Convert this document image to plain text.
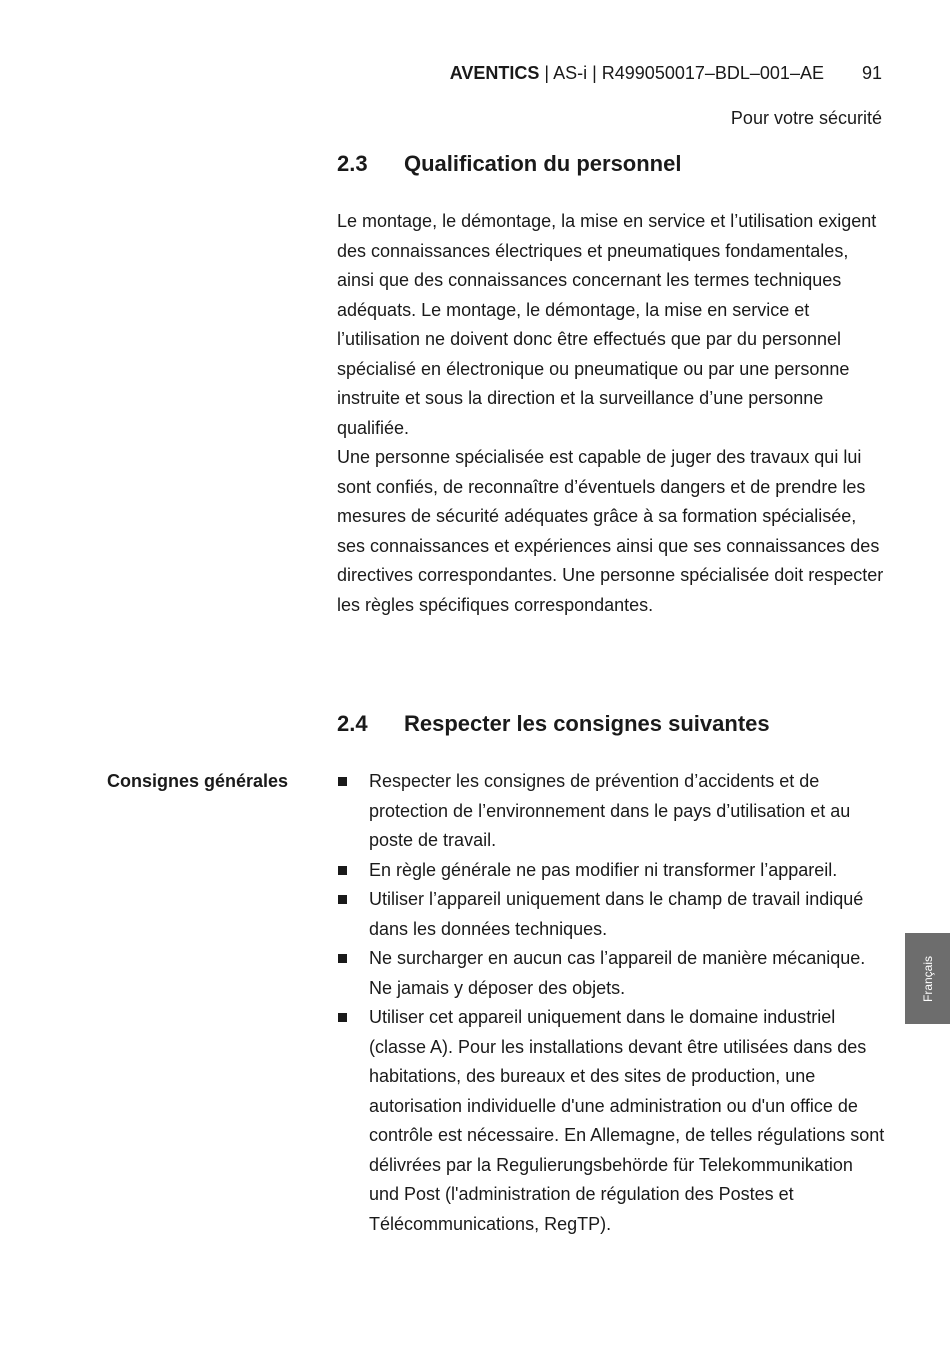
AVENTICS | AS-i | R499050017–BDL–001–AE 91
Pour votre sécurité
2.3 Qualification du personnel

Le montage, le démontage, la mise en service et l’utilisation exigent des connaissances électriques et pneumatiques fondamentales, ainsi que des connaissances concernant les termes techniques adéquats. Le montage, le démontage, la mise en service et l’utilisation ne doivent donc être effectués que par du personnel spécialisé en électronique ou pneumatique ou par une personne instruite et sous la direction et la surveillance d’une personne qualifiée.

Une personne spécialisée est capable de juger des travaux qui lui sont confiés, de reconnaître d’éventuels dangers et de prendre les mesures de sécurité adéquates grâce à sa formation spécialisée, ses connaissances et expériences ainsi que ses connaissances des directives correspondantes. Une personne spécialisée doit respecter les règles spécifiques correspondantes.

2.4 Respecter les consignes suivantes
Consignes générales	Respecter les consignes de prévention d’accidents et de protection de l’environnement dans le pays d’utilisation et au poste de travail.
En règle générale ne pas modifier ni transformer l’appareil.
Utiliser l’appareil uniquement dans le champ de travail indiqué dans les données techniques.
Ne surcharger en aucun cas l’appareil de manière mécanique. Ne jamais y déposer des objets.
Utiliser cet appareil uniquement dans le domaine industriel (classe A). Pour les installations devant être utilisées dans des habitations, des bureaux et des sites de production, une autorisation individuelle d'une administration ou d'un office de contrôle est nécessaire. En Allemagne, de telles régulations sont délivrées par la Regulierungsbehörde für Telekommunikation und Post (l'administration de régulation des Postes et Télécommunications, RegTP).
Français
